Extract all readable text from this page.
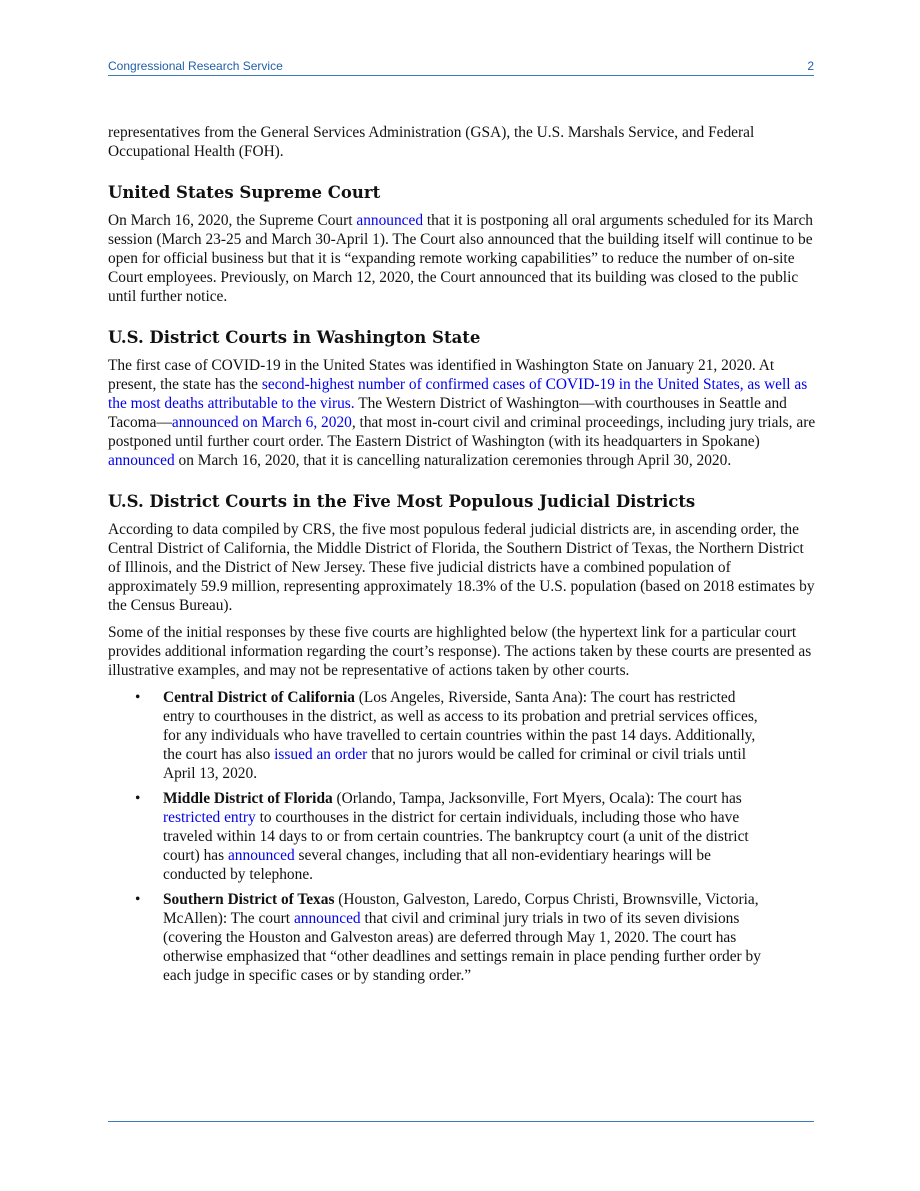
Congressional Research Service	2

representatives from the General Services Administration (GSA), the U.S. Marshals Service, and Federal Occupational Health (FOH).

United States Supreme Court

On March 16, 2020, the Supreme Court announced that it is postponing all oral arguments scheduled for its March session (March 23-25 and March 30-April 1). The Court also announced that the building itself will continue to be open for official business but that it is “expanding remote working capabilities” to reduce the number of on-site Court employees. Previously, on March 12, 2020, the Court announced that its building was closed to the public until further notice.

U.S. District Courts in Washington State

The first case of COVID-19 in the United States was identified in Washington State on January 21, 2020. At present, the state has the second-highest number of confirmed cases of COVID-19 in the United States, as well as the most deaths attributable to the virus. The Western District of Washington—with courthouses in Seattle and Tacoma—announced on March 6, 2020, that most in-court civil and criminal proceedings, including jury trials, are postponed until further court order. The Eastern District of Washington (with its headquarters in Spokane) announced on March 16, 2020, that it is cancelling naturalization ceremonies through April 30, 2020.

U.S. District Courts in the Five Most Populous Judicial Districts

According to data compiled by CRS, the five most populous federal judicial districts are, in ascending order, the Central District of California, the Middle District of Florida, the Southern District of Texas, the Northern District of Illinois, and the District of New Jersey. These five judicial districts have a combined population of approximately 59.9 million, representing approximately 18.3% of the U.S. population (based on 2018 estimates by the Census Bureau).

Some of the initial responses by these five courts are highlighted below (the hypertext link for a particular court provides additional information regarding the court’s response). The actions taken by these courts are presented as illustrative examples, and may not be representative of actions taken by other courts.

• Central District of California (Los Angeles, Riverside, Santa Ana): The court has restricted entry to courthouses in the district, as well as access to its probation and pretrial services offices, for any individuals who have travelled to certain countries within the past 14 days. Additionally, the court has also issued an order that no jurors would be called for criminal or civil trials until April 13, 2020.
• Middle District of Florida (Orlando, Tampa, Jacksonville, Fort Myers, Ocala): The court has restricted entry to courthouses in the district for certain individuals, including those who have traveled within 14 days to or from certain countries. The bankruptcy court (a unit of the district court) has announced several changes, including that all non-evidentiary hearings will be conducted by telephone.
• Southern District of Texas (Houston, Galveston, Laredo, Corpus Christi, Brownsville, Victoria, McAllen): The court announced that civil and criminal jury trials in two of its seven divisions (covering the Houston and Galveston areas) are deferred through May 1, 2020. The court has otherwise emphasized that “other deadlines and settings remain in place pending further order by each judge in specific cases or by standing order.”
